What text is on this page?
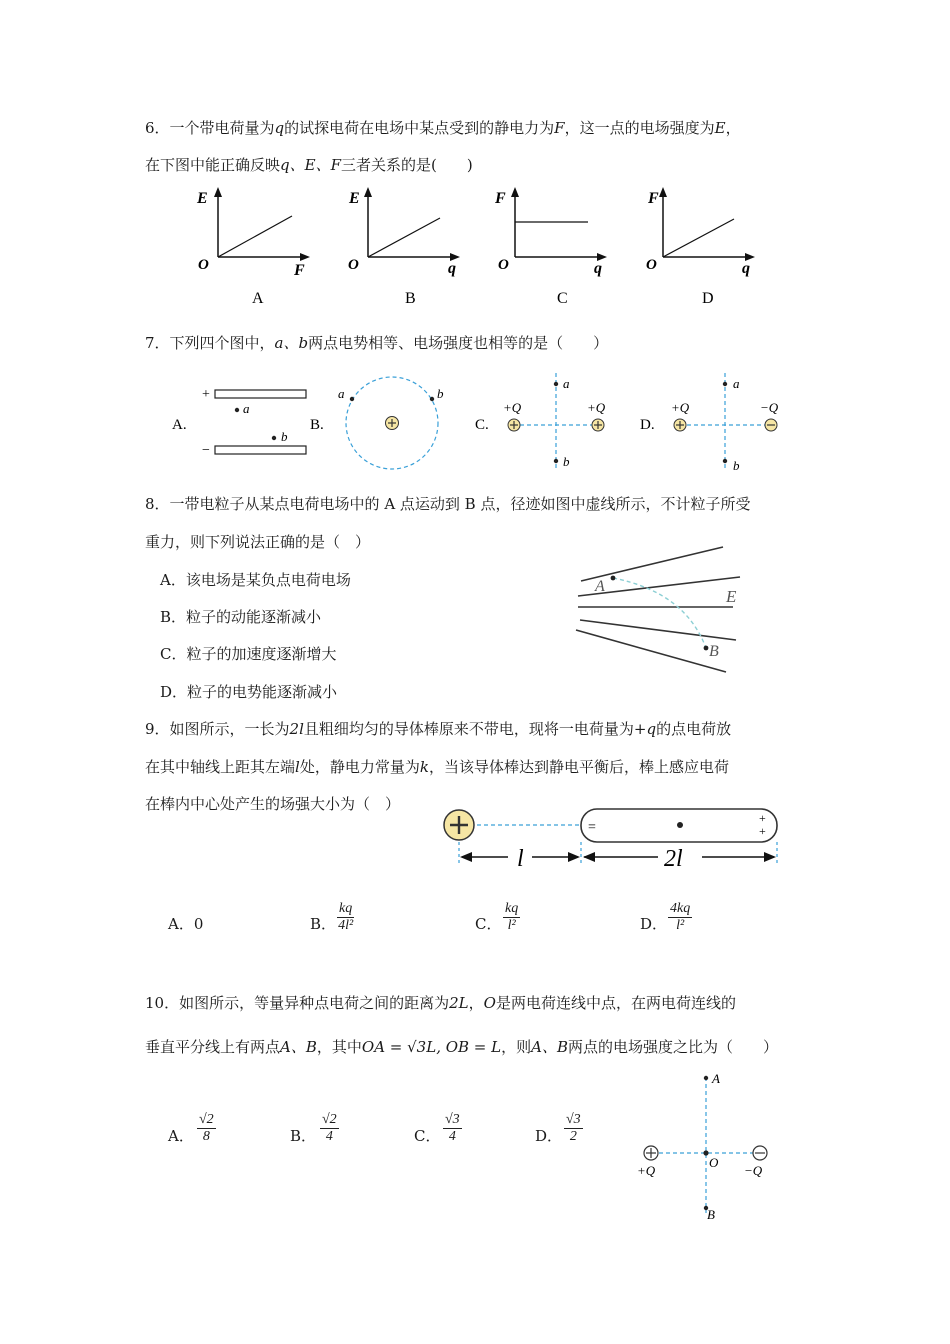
6．一个带电荷量为q的试探电荷在电场中某点受到的静电力为F，这一点的电场强度为E，
在下图中能正确反映q、E、F三者关系的是(　　)
E
O	F
A
E
O	q
B
F
O	q
C
F
O	q
D
7．下列四个图中，a、b两点电势相等、电场强度也相等的是（　　）
A.
+
a
b
−
B.
a	b
C.
+Q	+Q
a
b
D.
+Q	−Q
a
b
8．一带电粒子从某点电荷电场中的 A 点运动到 B 点，径迹如图中虚线所示，不计粒子所受
重力，则下列说法正确的是（　）
A．该电场是某负点电荷电场
B．粒子的动能逐渐减小
C．粒子的加速度逐渐增大
D．粒子的电势能逐渐减小
A
B
E
9．如图所示，一长为2l且粗细均匀的导体棒原来不带电，现将一电荷量为+q的点电荷放
在其中轴线上距其左端l处，静电力常量为k，当该导体棒达到静电平衡后，棒上感应电荷
在棒内中心处产生的场强大小为（　）
=
+
+
l	2l
A．0	B． $\frac{kq}{\text{4l²}}$	C． $\frac{kq}{\text{l²}}$	D． $\frac{4kq}{\text{l²}}$
10．如图所示，等量异种点电荷之间的距离为2L，O是两电荷连线中点，在两电荷连线的
垂直平分线上有两点A、B，其中OA = √3L, OB = L，则A、B两点的电场强度之比为（　　）
A． $\frac{√2}{8}$	B． $\frac{√2}{4}$	C． $\frac{√3}{4}$	D． $\frac{√3}{2}$
+Q	−Q
A
O
B
